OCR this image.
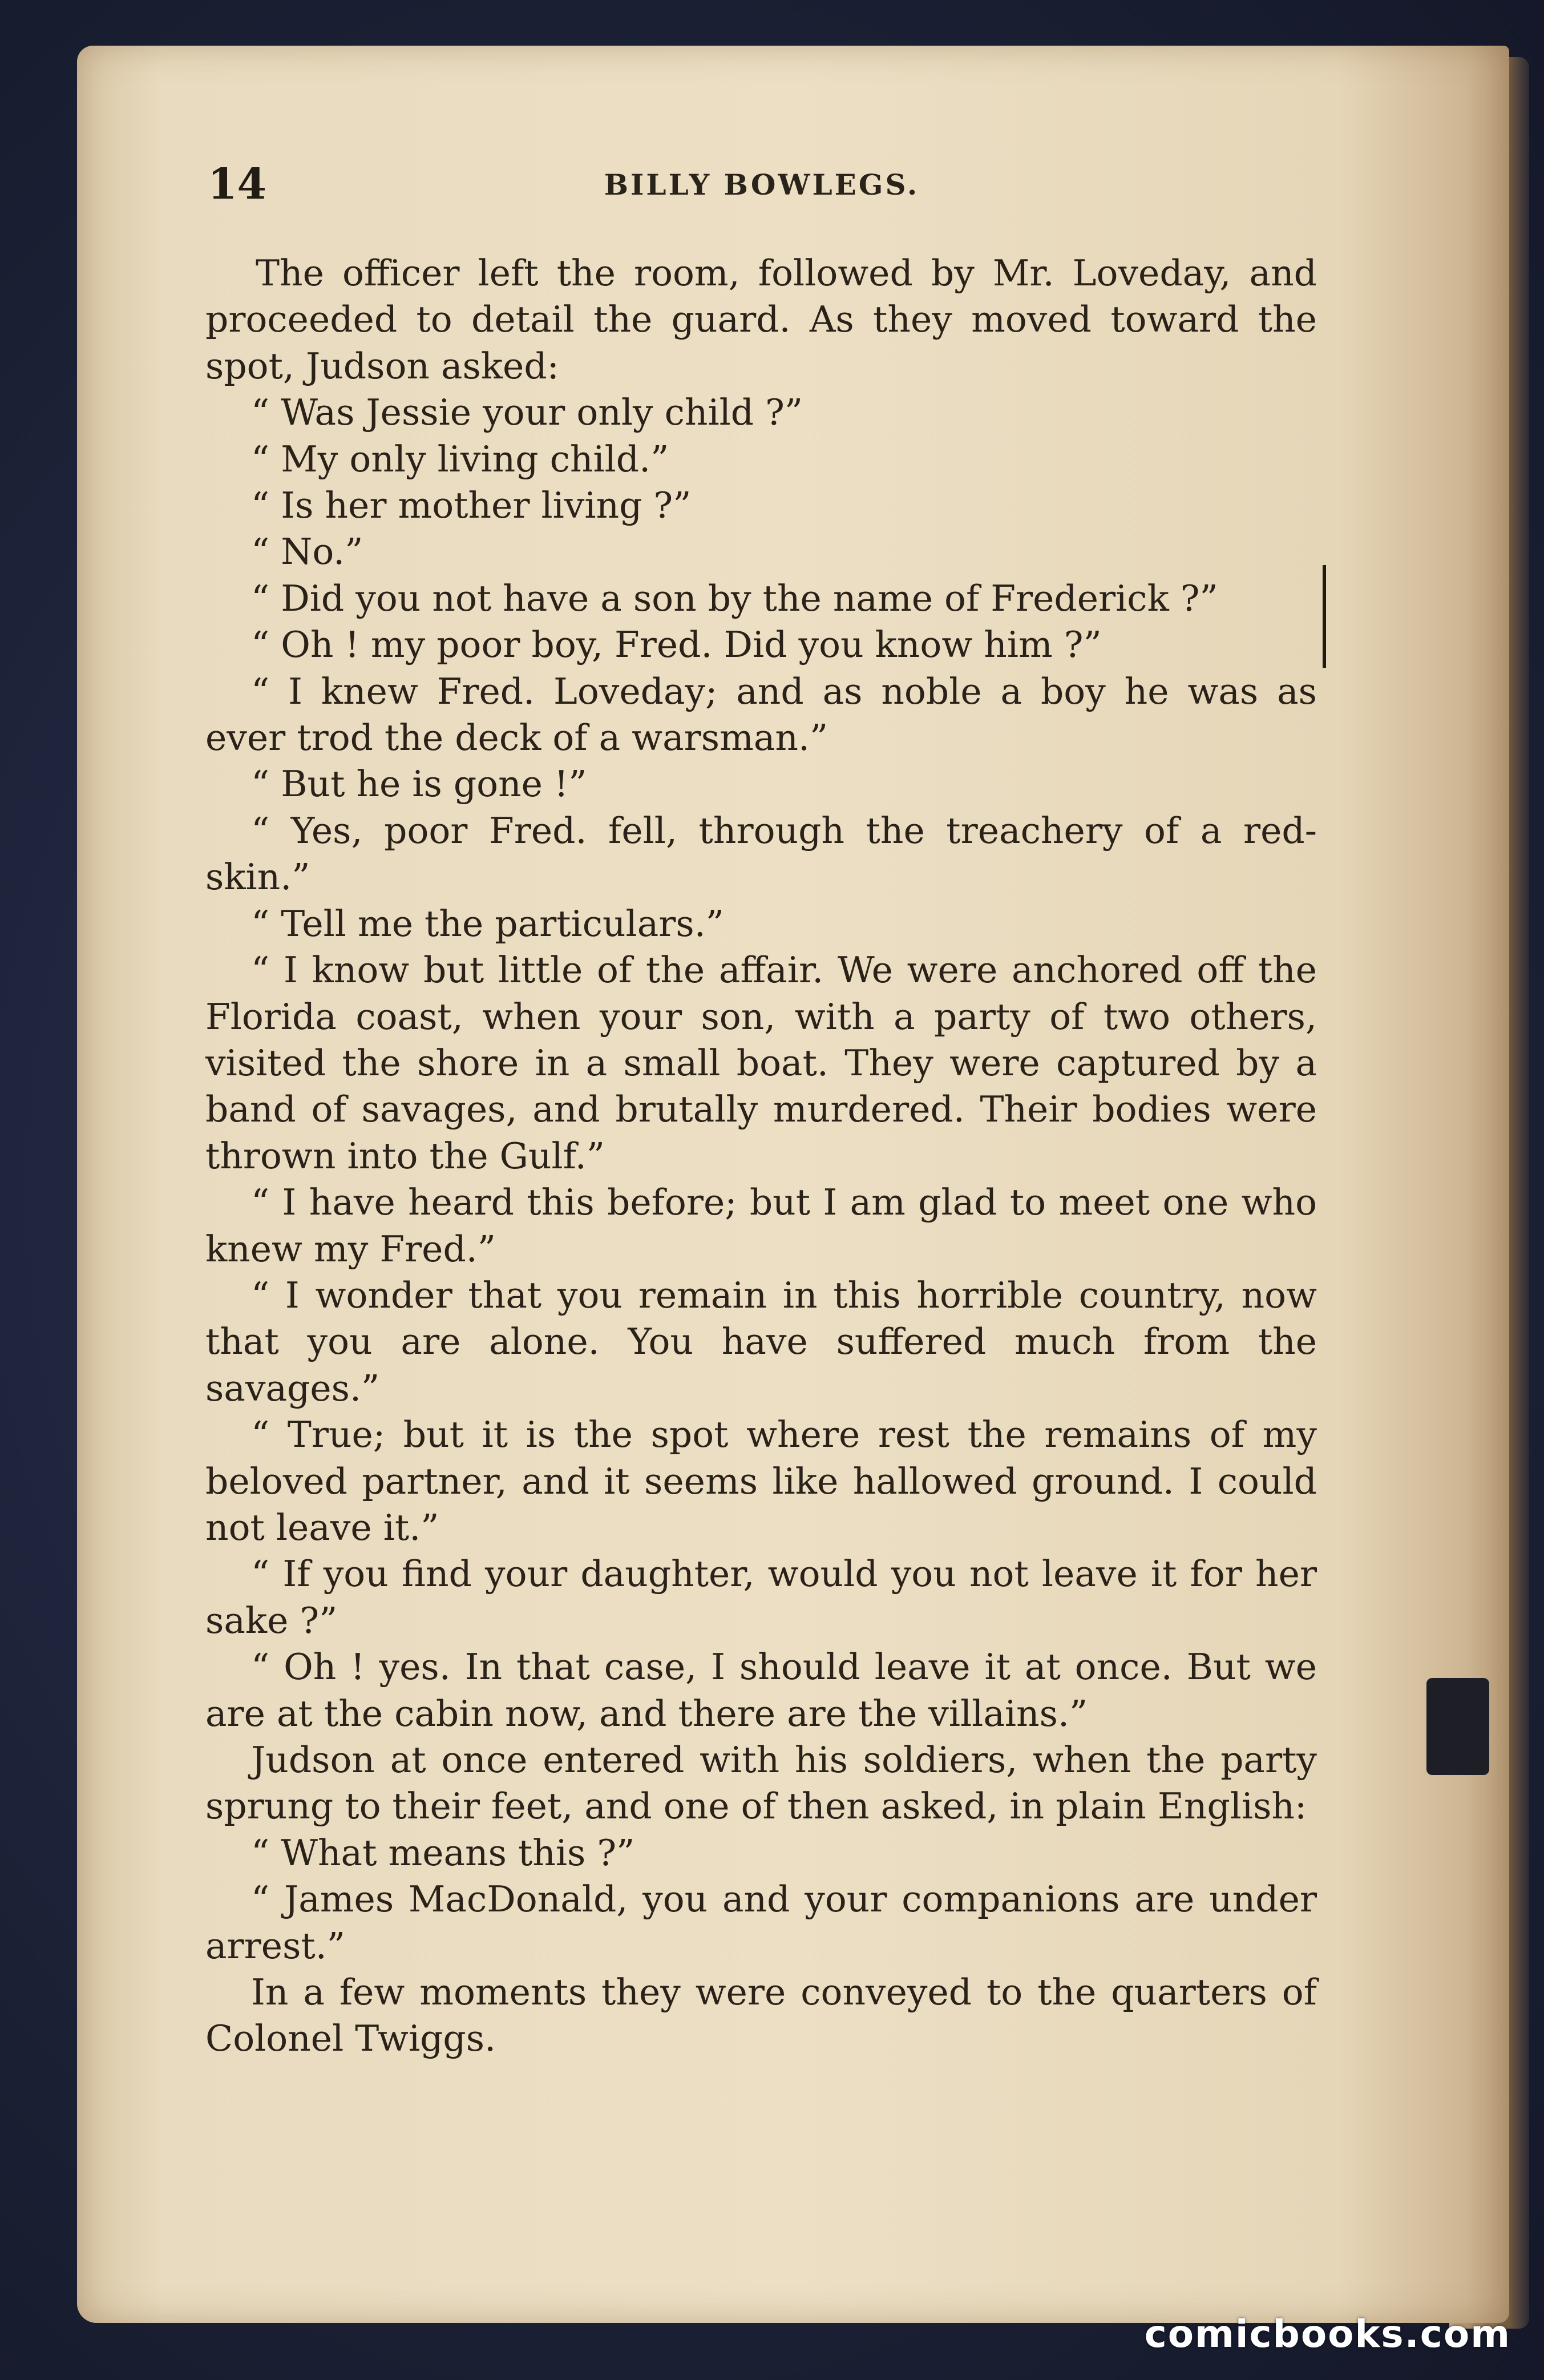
14	BILLY BOWLEGS.

The officer left the room, followed by Mr. Loveday, and proceeded to detail the guard. As they moved toward the spot, Judson asked:

“ Was Jessie your only child ?”

“ My only living child.”

“ Is her mother living ?”

“ No.”

“ Did you not have a son by the name of Frederick ?”

“ Oh ! my poor boy, Fred. Did you know him ?”

“ I knew Fred. Loveday; and as noble a boy he was as ever trod the deck of a warsman.”

“ But he is gone !”

“ Yes, poor Fred. fell, through the treachery of a red-skin.”

“ Tell me the particulars.”

“ I know but little of the affair. We were anchored off the Florida coast, when your son, with a party of two others, visited the shore in a small boat. They were captured by a band of savages, and brutally murdered. Their bodies were thrown into the Gulf.”

“ I have heard this before; but I am glad to meet one who knew my Fred.”

“ I wonder that you remain in this horrible country, now that you are alone. You have suffered much from the savages.”

“ True; but it is the spot where rest the remains of my beloved partner, and it seems like hallowed ground. I could not leave it.”

“ If you find your daughter, would you not leave it for her sake ?”

“ Oh ! yes. In that case, I should leave it at once. But we are at the cabin now, and there are the villains.”

Judson at once entered with his soldiers, when the party sprung to their feet, and one of then asked, in plain English:

“ What means this ?”

“ James MacDonald, you and your companions are under arrest.”

In a few moments they were conveyed to the quarters of Colonel Twiggs.

comicbooks.com
